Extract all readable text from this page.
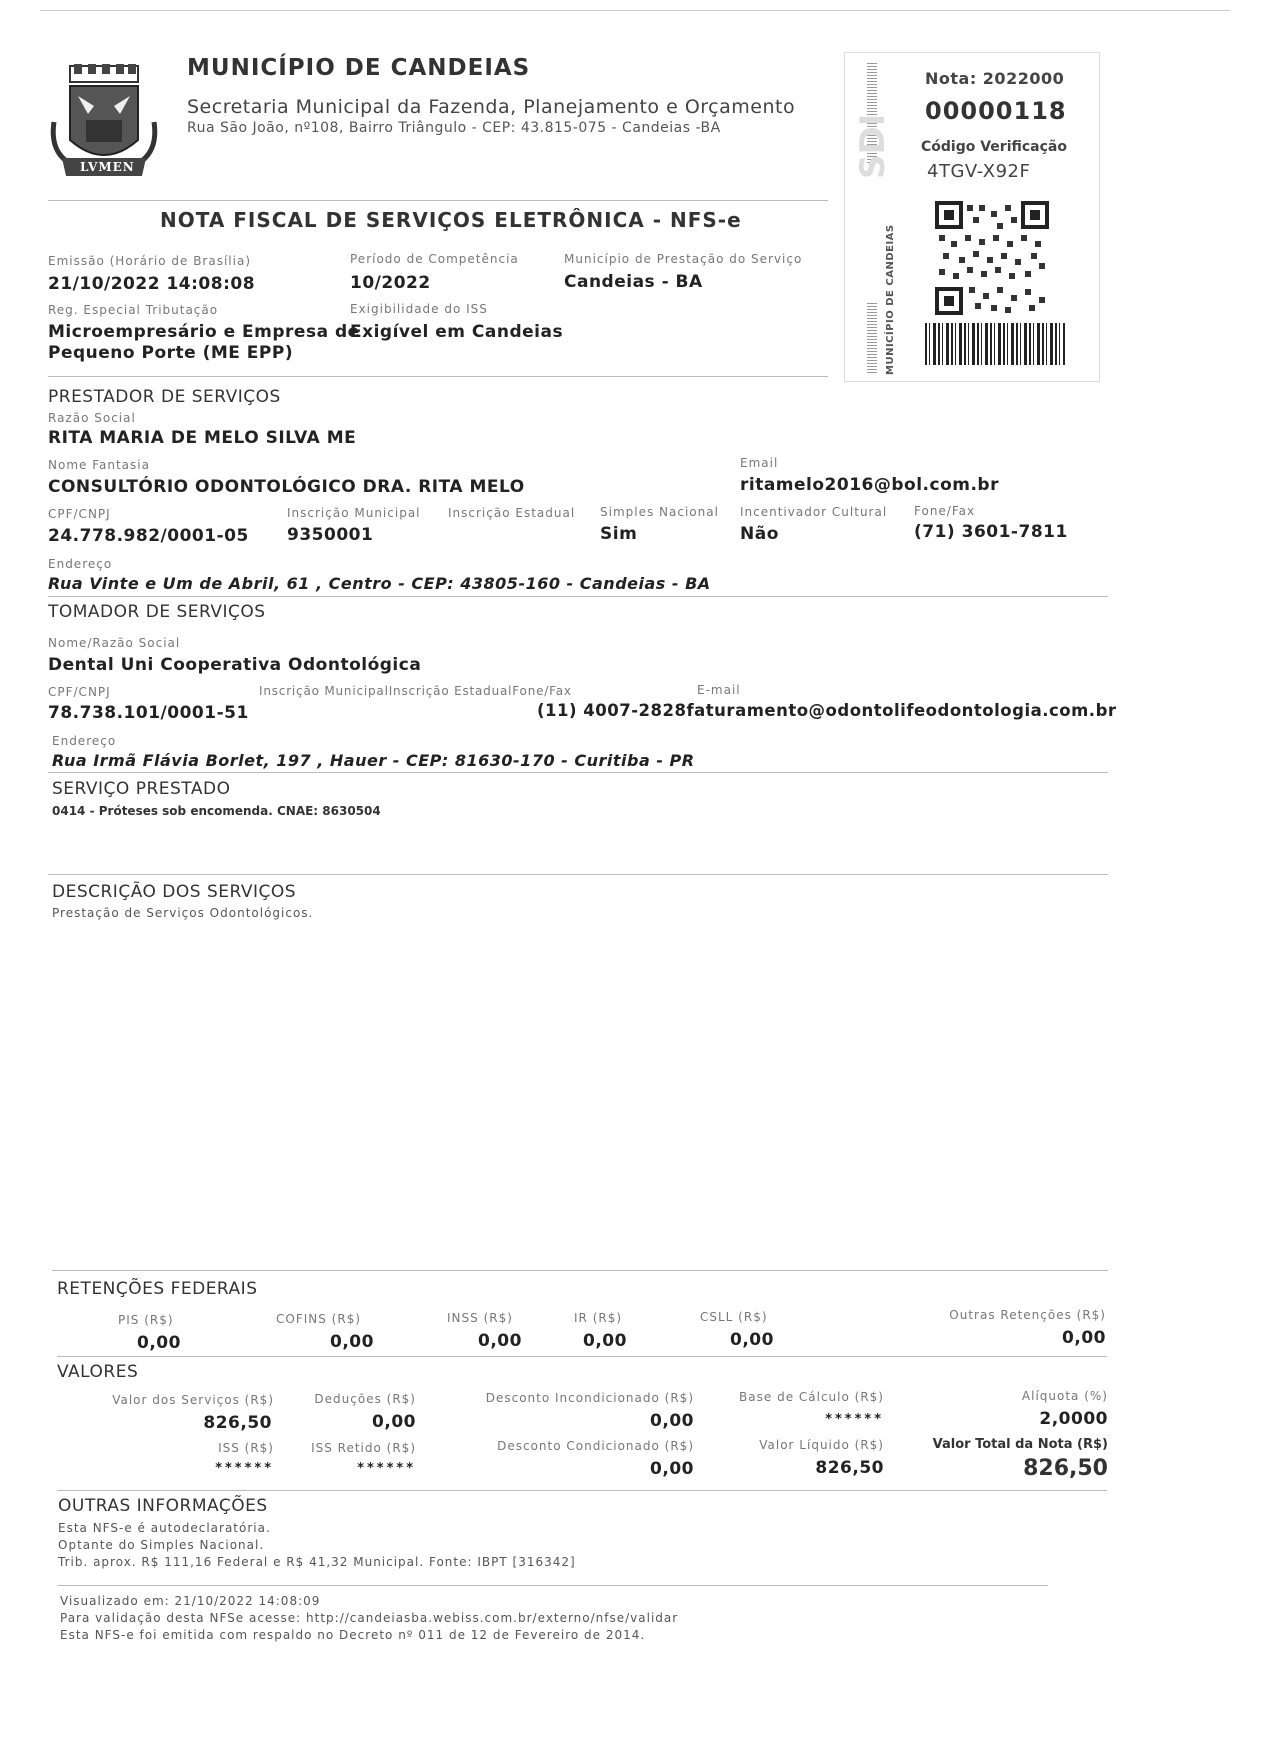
LVMEN
MUNICÍPIO DE CANDEIAS
Secretaria Municipal da Fazenda, Planejamento e Orçamento
Rua São João, nº108, Bairro Triângulo - CEP: 43.815-075 - Candeias -BA	SDI
MUNICÍPIO DE CANDEIAS
Nota: 2022000
00000118
Código Verificação
4TGV-X92F
NOTA FISCAL DE SERVIÇOS ELETRÔNICA - NFS-e
Emissão (Horário de Brasília)
21/10/2022 14:08:08
Período de Competência
10/2022
Município de Prestação do Serviço
Candeias - BA
Reg. Especial Tributação
Microempresário e Empresa de
Pequeno Porte (ME EPP)
Exigibilidade do ISS
Exigível em Candeias
PRESTADOR DE SERVIÇOS
Razão Social
RITA MARIA DE MELO SILVA ME
Nome Fantasia
CONSULTÓRIO ODONTOLÓGICO DRA. RITA MELO
Email
ritamelo2016@bol.com.br
CPF/CNPJ
24.778.982/0001-05
Inscrição Municipal
9350001
Inscrição Estadual Simples Nacional
Sim
Incentivador Cultural
Não
Fone/Fax
(71) 3601-7811
Endereço
Rua Vinte e Um de Abril, 61 , Centro - CEP: 43805-160 - Candeias - BA
TOMADOR DE SERVIÇOS
Nome/Razão Social
Dental Uni Cooperativa Odontológica
CPF/CNPJ
78.738.101/0001-51
Inscrição MunicipalInscrição EstadualFone/Fax	E-mail
(11) 4007-2828faturamento@odontolifeodontologia.com.br
Endereço
Rua Irmã Flávia Borlet, 197 , Hauer - CEP: 81630-170 - Curitiba - PR
SERVIÇO PRESTADO
0414 - Próteses sob encomenda. CNAE: 8630504
DESCRIÇÃO DOS SERVIÇOS
Prestação de Serviços Odontológicos.
RETENÇÕES FEDERAIS
PIS (R$)
0,00
COFINS (R$)
0,00
INSS (R$)
0,00
IR (R$)
0,00
CSLL (R$)
0,00
Outras Retenções (R$)
0,00
VALORES
Valor dos Serviços (R$)
826,50
Deduções (R$)
0,00
Desconto Incondicionado (R$)
0,00
Base de Cálculo (R$)
******
Alíquota (%)
2,0000
ISS (R$)
******
ISS Retido (R$)
******
Desconto Condicionado (R$)
0,00
Valor Líquido (R$)
826,50
Valor Total da Nota (R$)
826,50
OUTRAS INFORMAÇÕES
Esta NFS-e é autodeclaratória.
Optante do Simples Nacional.
Trib. aprox. R$ 111,16 Federal e R$ 41,32 Municipal. Fonte: IBPT [316342]
Visualizado em: 21/10/2022 14:08:09
Para validação desta NFSe acesse: http://candeiasba.webiss.com.br/externo/nfse/validar
Esta NFS-e foi emitida com respaldo no Decreto nº 011 de 12 de Fevereiro de 2014.
